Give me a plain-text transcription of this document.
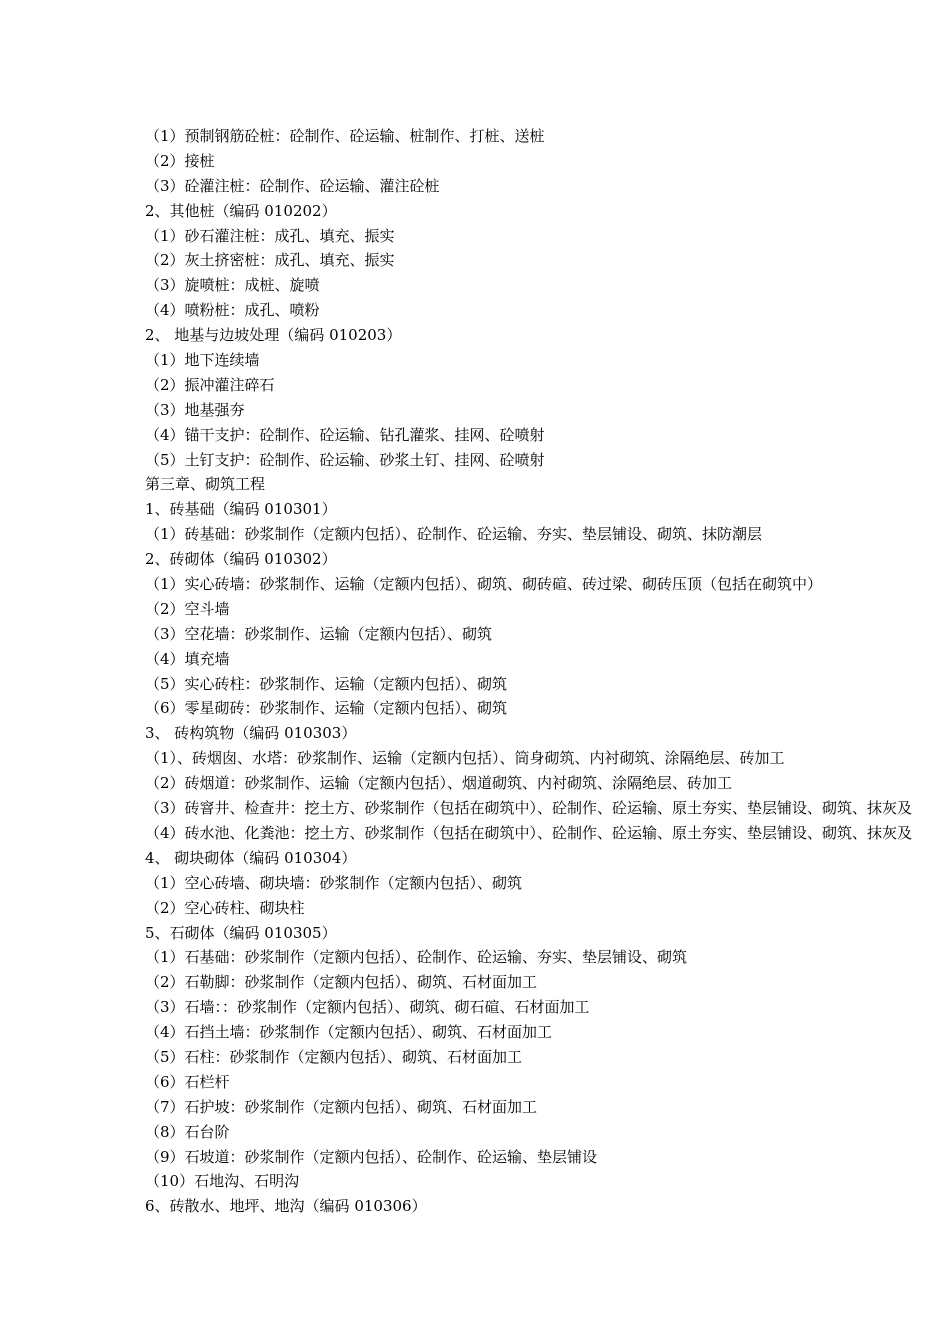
（1）预制钢筋砼桩：砼制作、砼运输、桩制作、打桩、送桩
（2）接桩
（3）砼灌注桩：砼制作、砼运输、灌注砼桩
2、其他桩（编码 010202）
（1）砂石灌注桩：成孔、填充、振实
（2）灰土挤密桩：成孔、填充、振实
（3）旋喷桩：成桩、旋喷
（4）喷粉桩：成孔、喷粉
2、 地基与边坡处理（编码 010203）
（1）地下连续墙
（2）振冲灌注碎石
（3）地基强夯
（4）锚干支护：砼制作、砼运输、钻孔灌浆、挂网、砼喷射
（5）土钉支护：砼制作、砼运输、砂浆土钉、挂网、砼喷射
第三章、砌筑工程
1、砖基础（编码 010301）
（1）砖基础：砂浆制作（定额内包括）、砼制作、砼运输、夯实、垫层铺设、砌筑、抹防潮层
2、砖砌体（编码 010302）
（1）实心砖墙：砂浆制作、运输（定额内包括）、砌筑、砌砖碹、砖过梁、砌砖压顶（包括在砌筑中）
（2）空斗墙
（3）空花墙：砂浆制作、运输（定额内包括）、砌筑
（4）填充墙
（5）实心砖柱：砂浆制作、运输（定额内包括）、砌筑
（6）零星砌砖：砂浆制作、运输（定额内包括）、砌筑
3、 砖构筑物（编码 010303）
（1）、砖烟囱、水塔：砂浆制作、运输（定额内包括）、筒身砌筑、内衬砌筑、涂隔绝层、砖加工
（2）砖烟道：砂浆制作、运输（定额内包括）、烟道砌筑、内衬砌筑、涂隔绝层、砖加工
（3）砖窨井、检查井：挖土方、砂浆制作（包括在砌筑中）、砼制作、砼运输、原土夯实、垫层铺设、砌筑、抹灰及
（4）砖水池、化粪池：挖土方、砂浆制作（包括在砌筑中）、砼制作、砼运输、原土夯实、垫层铺设、砌筑、抹灰及
4、 砌块砌体（编码 010304）
（1）空心砖墙、砌块墙：砂浆制作（定额内包括）、砌筑
（2）空心砖柱、砌块柱
5、石砌体（编码 010305）
（1）石基础：砂浆制作（定额内包括）、砼制作、砼运输、夯实、垫层铺设、砌筑
（2）石勒脚：砂浆制作（定额内包括）、砌筑、石材面加工
（3）石墙：：砂浆制作（定额内包括）、砌筑、砌石碹、石材面加工
（4）石挡土墙：砂浆制作（定额内包括）、砌筑、石材面加工
（5）石柱：砂浆制作（定额内包括）、砌筑、石材面加工
（6）石栏杆
（7）石护坡：砂浆制作（定额内包括）、砌筑、石材面加工
（8）石台阶
（9）石坡道：砂浆制作（定额内包括）、砼制作、砼运输、垫层铺设
（10）石地沟、石明沟
6、砖散水、地坪、地沟（编码 010306）
